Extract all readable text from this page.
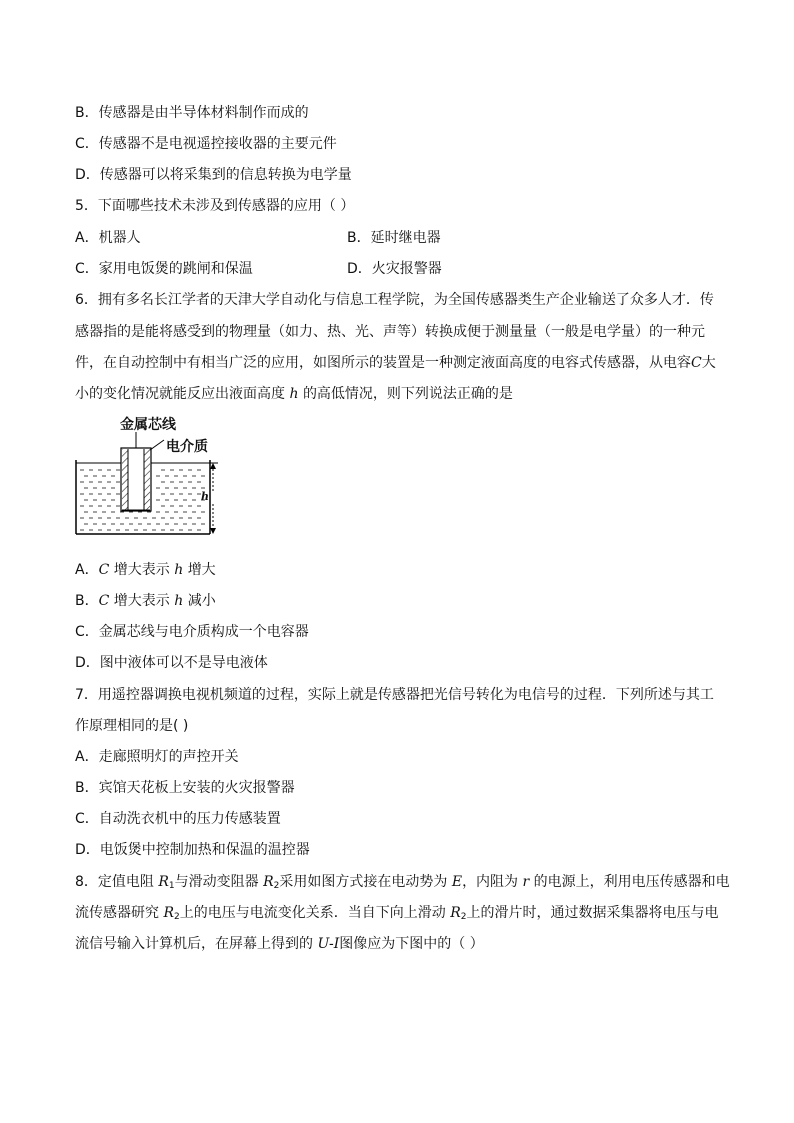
B．传感器是由半导体材料制作而成的
C．传感器不是电视遥控接收器的主要元件
D．传感器可以将采集到的信息转换为电学量
5．下面哪些技术未涉及到传感器的应用（ ）
A．机器人	B．延时继电器
C．家用电饭煲的跳闸和保温	D．火灾报警器
6．拥有多名长江学者的天津大学自动化与信息工程学院，为全国传感器类生产企业输送了众多人才．传
感器指的是能将感受到的物理量（如力、热、光、声等）转换成便于测量量（一般是电学量）的一种元
件，在自动控制中有相当广泛的应用，如图所示的装置是一种测定液面高度的电容式传感器，从电容C大
小的变化情况就能反应出液面高度 h 的高低情况，则下列说法正确的是
金属芯线
电介质
h
A．C 增大表示 h 增大
B．C 增大表示 h 减小
C．金属芯线与电介质构成一个电容器
D．图中液体可以不是导电液体
7．用遥控器调换电视机频道的过程，实际上就是传感器把光信号转化为电信号的过程．下列所述与其工
作原理相同的是( )
A．走廊照明灯的声控开关
B．宾馆天花板上安装的火灾报警器
C．自动洗衣机中的压力传感装置
D．电饭煲中控制加热和保温的温控器
8．定值电阻 $R_1$与滑动变阻器 $R_2$采用如图方式接在电动势为 E，内阻为 r 的电源上，利用电压传感器和电
流传感器研究 $R_2$上的电压与电流变化关系．当自下向上滑动 $R_2$上的滑片时，通过数据采集器将电压与电
流信号输入计算机后，在屏幕上得到的 U-I图像应为下图中的（ ）
